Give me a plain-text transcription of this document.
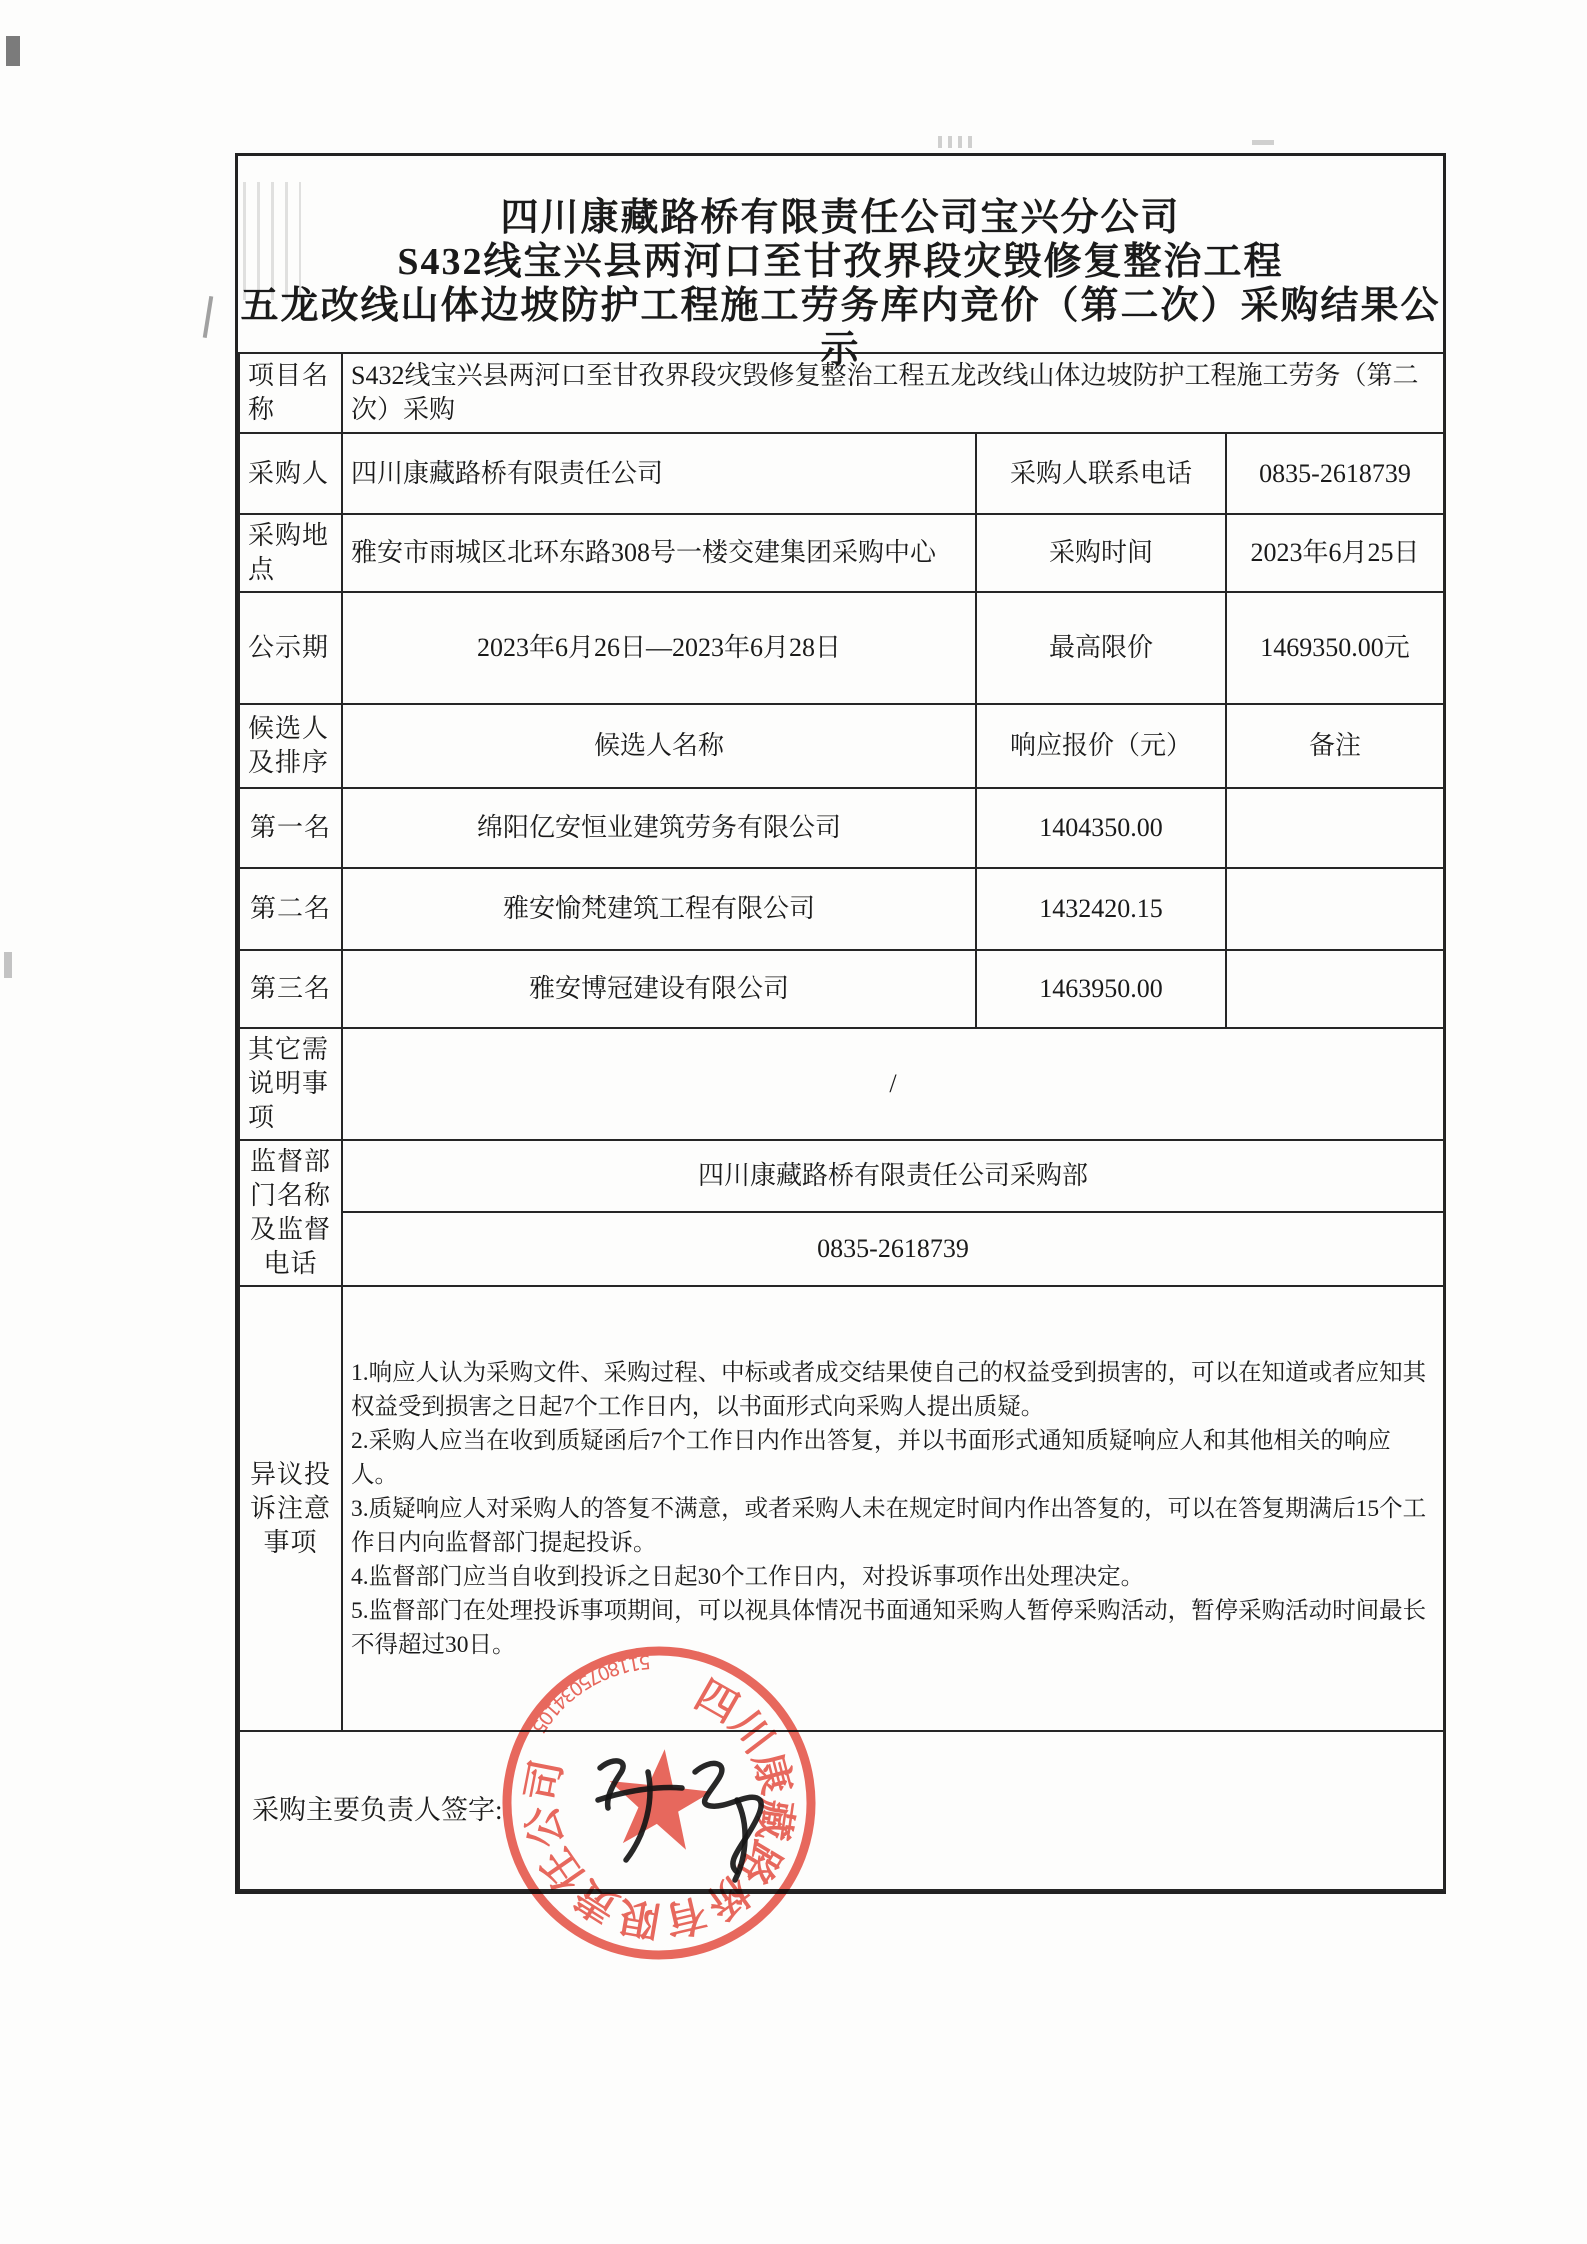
四川康藏路桥有限责任公司宝兴分公司
S432线宝兴县两河口至甘孜界段灾毁修复整治工程
五龙改线山体边坡防护工程施工劳务库内竞价（第二次）采购结果公示
项目名称	S432线宝兴县两河口至甘孜界段灾毁修复整治工程五龙改线山体边坡防护工程施工劳务（第二次）采购		
采购人	四川康藏路桥有限责任公司	采购人联系电话	0835-2618739
采购地点	雅安市雨城区北环东路308号一楼交建集团采购中心	采购时间	2023年6月25日
公示期	2023年6月26日—2023年6月28日	最高限价	1469350.00元
候选人及排序	候选人名称	响应报价（元）	备注
第一名	绵阳亿安恒业建筑劳务有限公司	1404350.00	
第二名	雅安愉梵建筑工程有限公司	1432420.15	
第三名	雅安博冠建设有限公司	1463950.00	
其它需说明事项	/		
监督部门名称及监督电话	四川康藏路桥有限责任公司采购部		
	0835-2618739		
异议投诉注意事项	1.响应人认为采购文件、采购过程、中标或者成交结果使自己的权益受到损害的，可以在知道或者应知其权益受到损害之日起7个工作日内，以书面形式向采购人提出质疑。

2.采购人应当在收到质疑函后7个工作日内作出答复，并以书面形式通知质疑响应人和其他相关的响应人。

3.质疑响应人对采购人的答复不满意，或者采购人未在规定时间内作出答复的，可以在答复期满后15个工作日内向监督部门提起投诉。

4.监督部门应当自收到投诉之日起30个工作日内，对投诉事项作出处理决定。

5.监督部门在处理投诉事项期间，可以视具体情况书面通知采购人暂停采购活动，暂停采购活动时间最长不得超过30日。		

采购主要负责人签字:			
四川康藏路桥有限责任公司
5118075034105
